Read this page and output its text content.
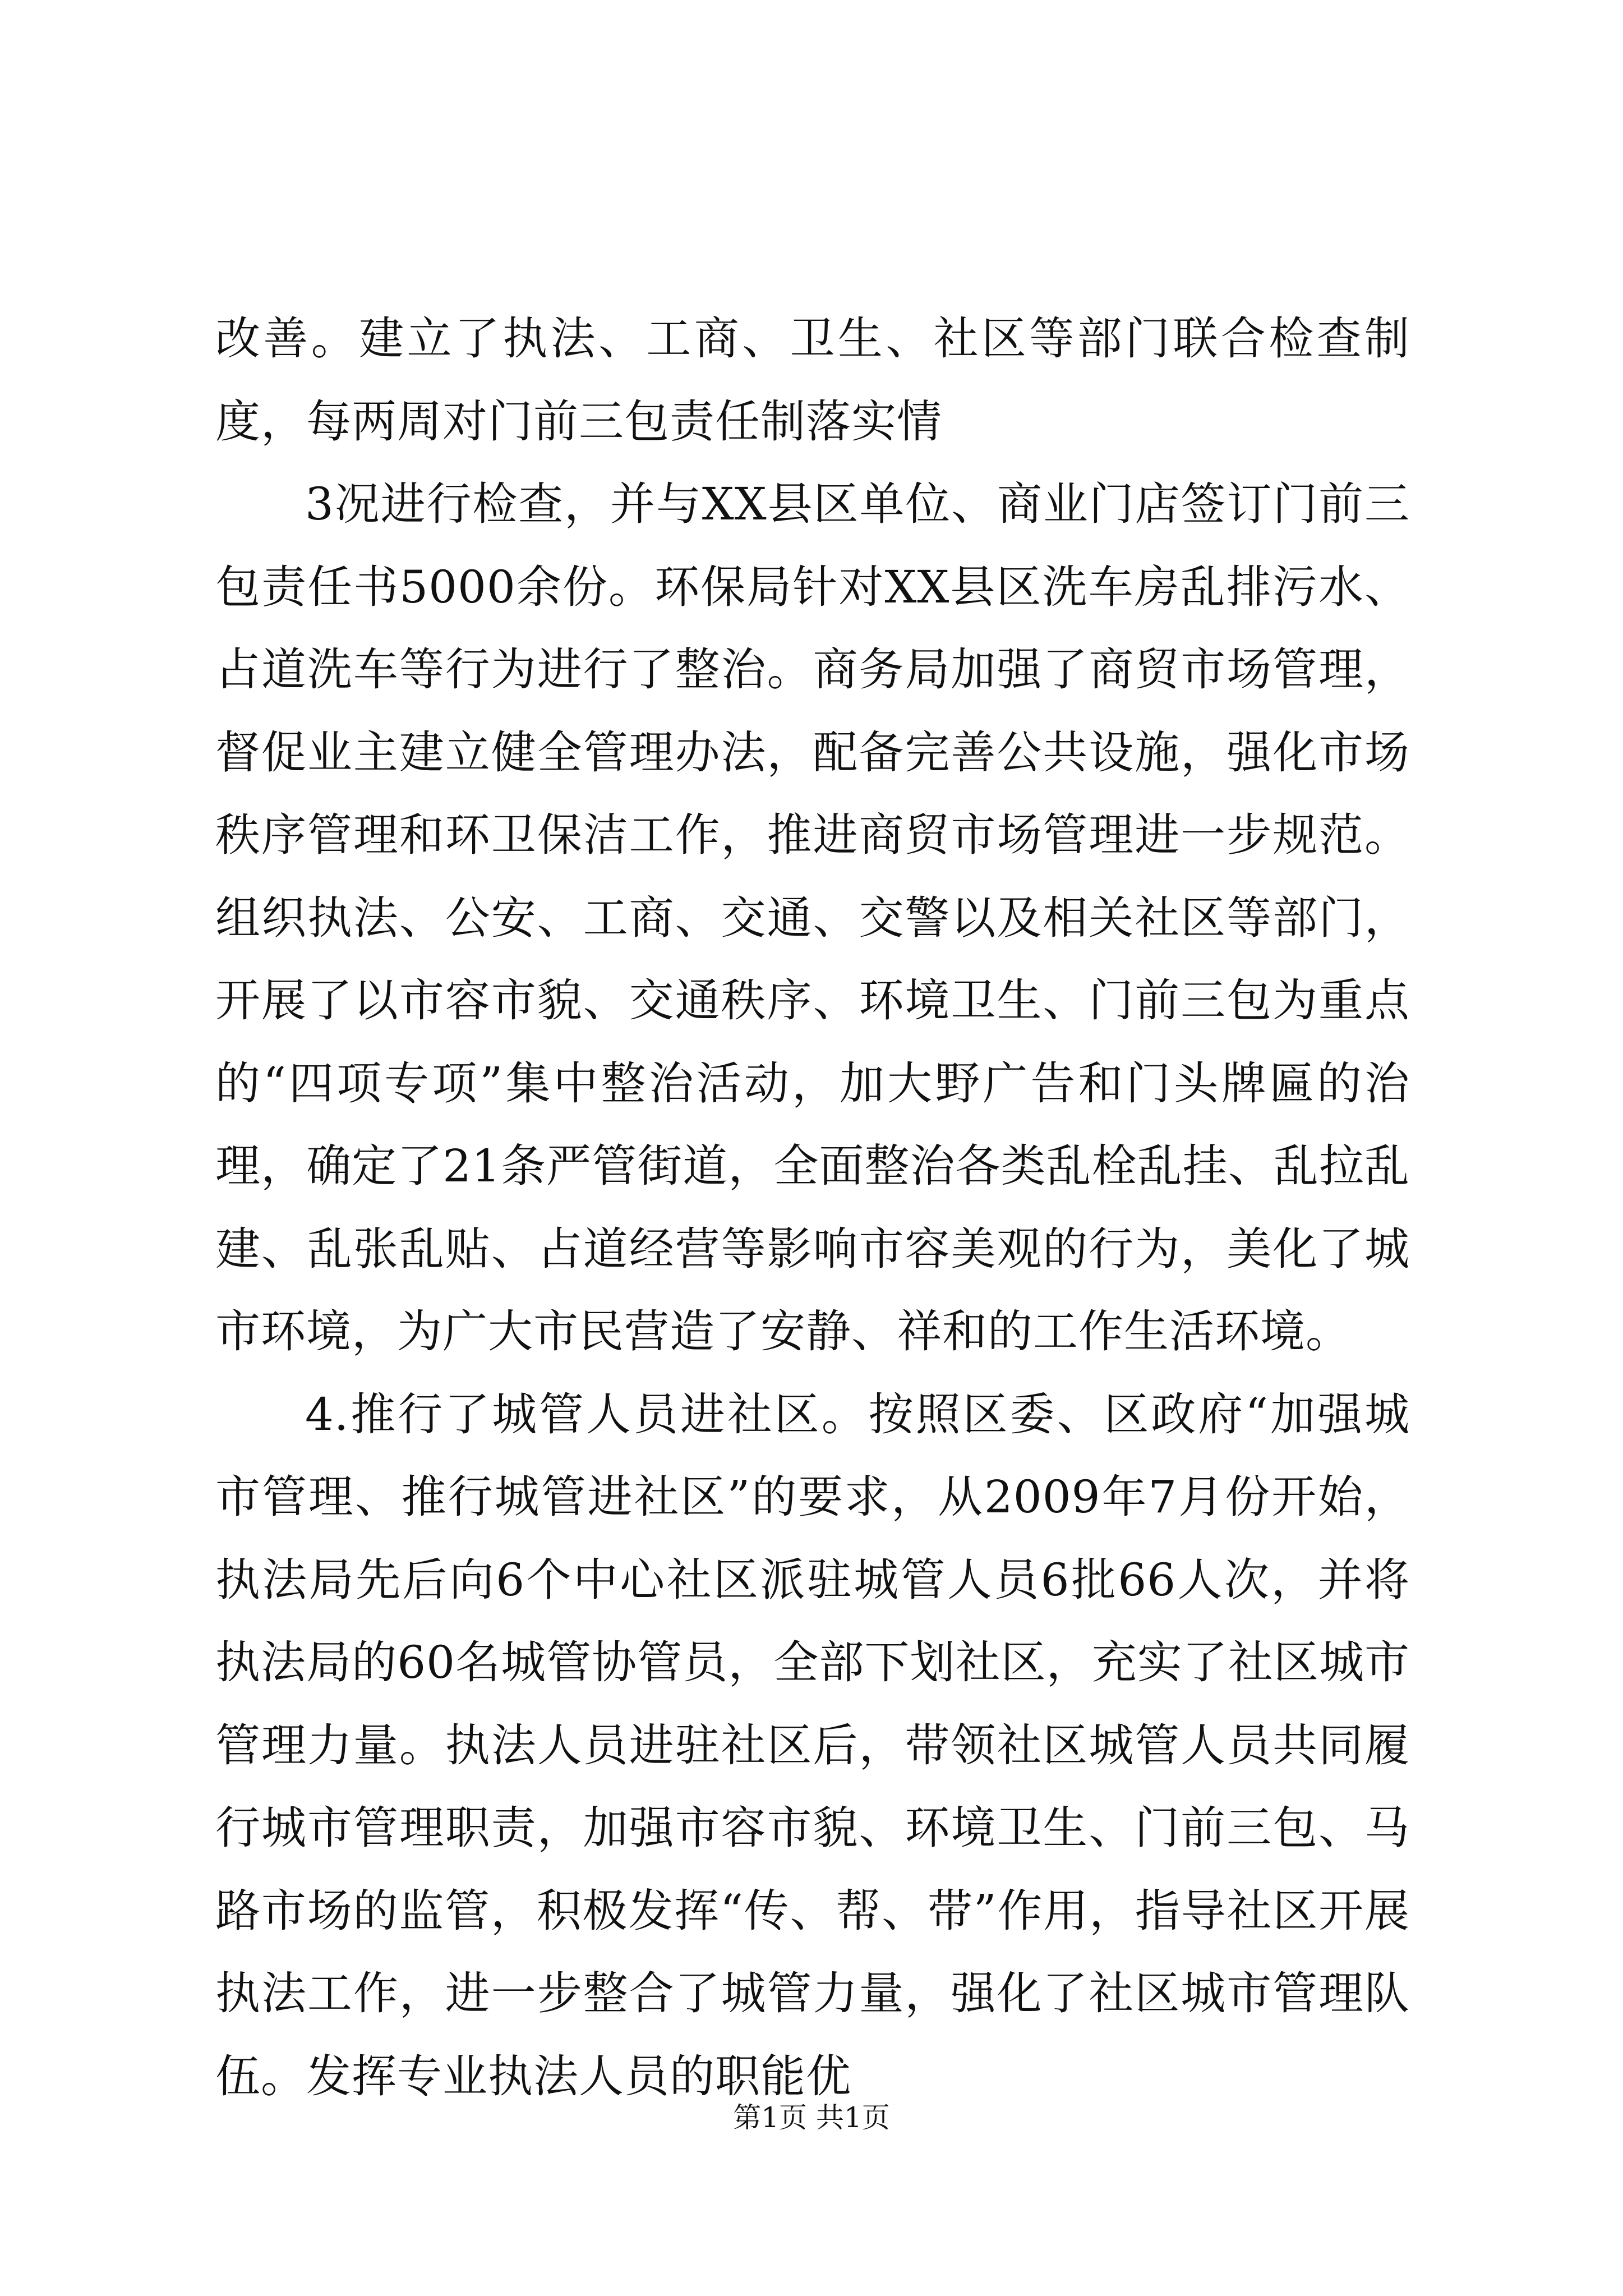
改善。建立了执法、工商、卫生、社区等部门联合检查制度，每两周对门前三包责任制落实情

3况进行检查，并与XX县区单位、商业门店签订门前三包责任书5000余份。环保局针对XX县区洗车房乱排污水、占道洗车等行为进行了整治。商务局加强了商贸市场管理，督促业主建立健全管理办法，配备完善公共设施，强化市场秩序管理和环卫保洁工作，推进商贸市场管理进一步规范。组织执法、公安、工商、交通、交警以及相关社区等部门，开展了以市容市貌、交通秩序、环境卫生、门前三包为重点的“四项专项”集中整治活动，加大野广告和门头牌匾的治理，确定了21条严管街道，全面整治各类乱栓乱挂、乱拉乱建、乱张乱贴、占道经营等影响市容美观的行为，美化了城市环境，为广大市民营造了安静、祥和的工作生活环境。

4.推行了城管人员进社区。按照区委、区政府“加强城市管理、推行城管进社区”的要求，从2009年7月份开始，执法局先后向6个中心社区派驻城管人员6批66人次，并将执法局的60名城管协管员，全部下划社区，充实了社区城市管理力量。执法人员进驻社区后，带领社区城管人员共同履行城市管理职责，加强市容市貌、环境卫生、门前三包、马路市场的监管，积极发挥“传、帮、带”作用，指导社区开展执法工作，进一步整合了城管力量，强化了社区城市管理队伍。发挥专业执法人员的职能优

第1页 共1页
